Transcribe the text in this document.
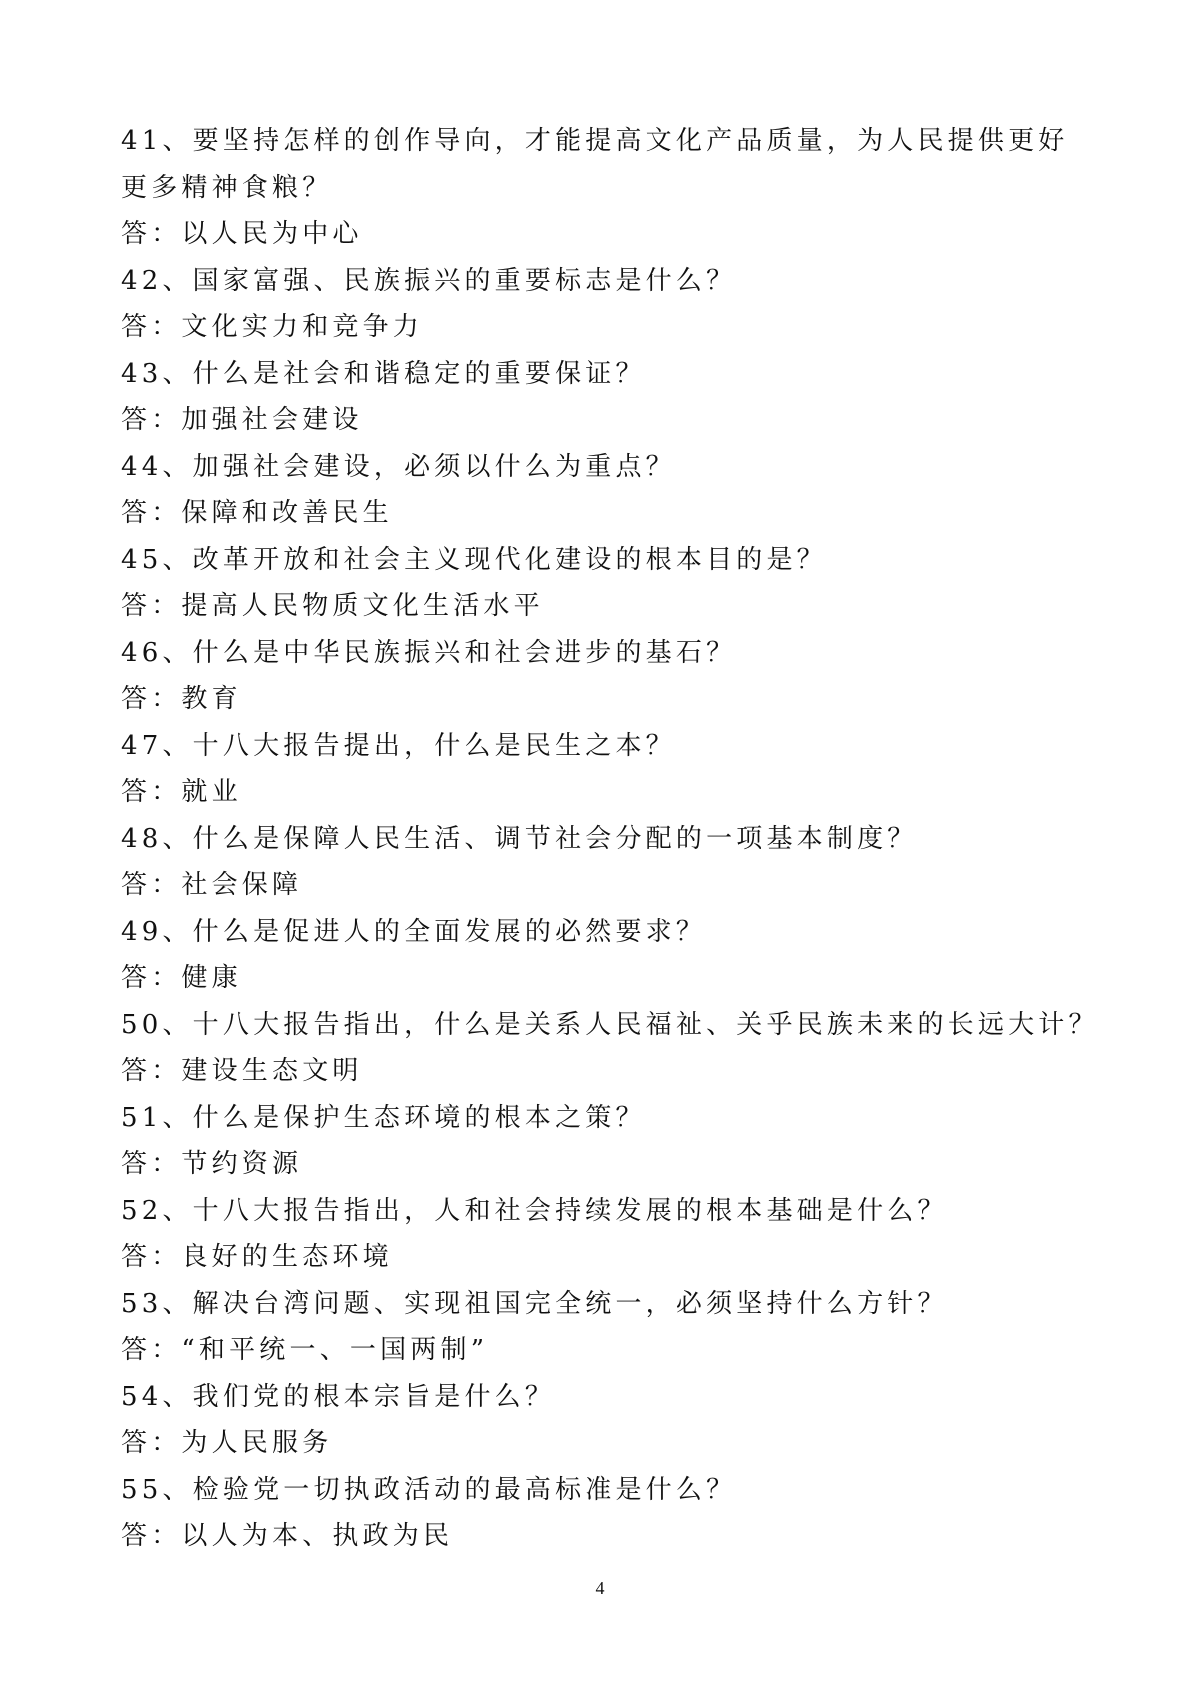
41、要坚持怎样的创作导向，才能提高文化产品质量，为人民提供更好更多精神食粮？

答：以人民为中心

42、国家富强、民族振兴的重要标志是什么？

答：文化实力和竞争力

43、什么是社会和谐稳定的重要保证？

答：加强社会建设

44、加强社会建设，必须以什么为重点？

答：保障和改善民生

45、改革开放和社会主义现代化建设的根本目的是？

答：提高人民物质文化生活水平

46、什么是中华民族振兴和社会进步的基石？

答：教育

47、十八大报告提出，什么是民生之本？

答：就业

48、什么是保障人民生活、调节社会分配的一项基本制度？

答：社会保障

49、什么是促进人的全面发展的必然要求？

答：健康

50、十八大报告指出，什么是关系人民福祉、关乎民族未来的长远大计？

答：建设生态文明

51、什么是保护生态环境的根本之策？

答：节约资源

52、十八大报告指出，人和社会持续发展的根本基础是什么？

答：良好的生态环境

53、解决台湾问题、实现祖国完全统一，必须坚持什么方针？

答：“和平统一、一国两制”

54、我们党的根本宗旨是什么？

答：为人民服务

55、检验党一切执政活动的最高标准是什么？

答：以人为本、执政为民

4
